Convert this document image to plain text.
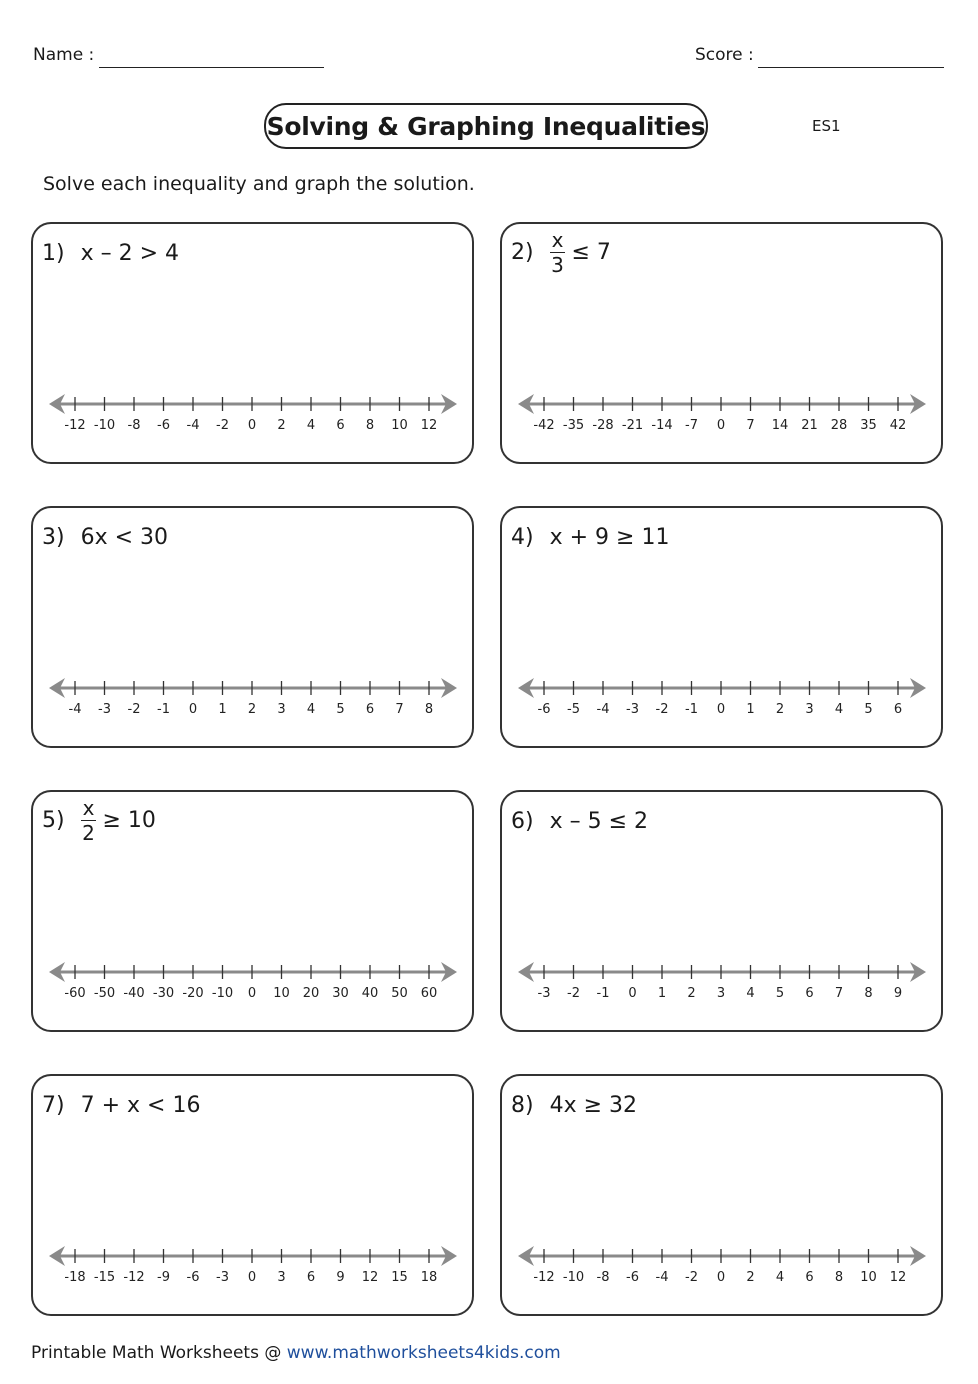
Name :	Score :
Solving & Graphing Inequalities	ES1
Solve each inequality and graph the solution.
1) x – 2 > 4
-12 -10 -8 -6 -4 -2 0 2 4 6 8 10 12
$2) \frac{x}{3} \le 7$
-42 -35 -28 -21 -14 -7 0 7 14 21 28 35 42
3) 6x < 30
-4 -3 -2 -1 0 1 2 3 4 5 6 7 8
4) x + 9 ≥ 11
-6 -5 -4 -3 -2 -1 0 1 2 3 4 5 6
$5) \frac{x}{2} \ge 10$
-60 -50 -40 -30 -20 -10 0 10 20 30 40 50 60
6) x – 5 ≤ 2
-3 -2 -1 0 1 2 3 4 5 6 7 8 9
7) 7 + x < 16
-18 -15 -12 -9 -6 -3 0 3 6 9 12 15 18
8) 4x ≥ 32
-12 -10 -8 -6 -4 -2 0 2 4 6 8 10 12
Printable Math Worksheets @ www.mathworksheets4kids.com
